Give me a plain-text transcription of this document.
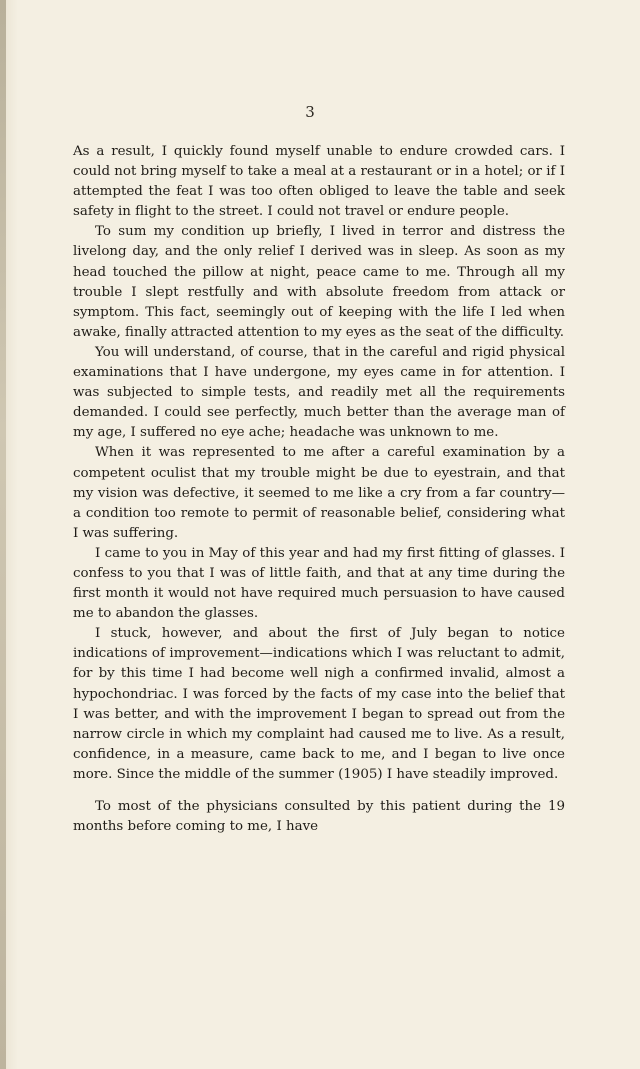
3

As a result, I quickly found myself unable to endure crowded cars. I could not bring myself to take a meal at a restaurant or in a hotel; or if I attempted the feat I was too often obliged to leave the table and seek safety in flight to the street. I could not travel or endure people.

To sum my condition up briefly, I lived in terror and distress the livelong day, and the only relief I derived was in sleep. As soon as my head touched the pillow at night, peace came to me. Through all my trouble I slept restfully and with absolute freedom from attack or symptom. This fact, seemingly out of keeping with the life I led when awake, finally attracted attention to my eyes as the seat of the difficulty.

You will understand, of course, that in the careful and rigid physical examinations that I have undergone, my eyes came in for attention. I was subjected to simple tests, and readily met all the requirements demanded. I could see perfectly, much better than the average man of my age, I suffered no eye ache; headache was unknown to me.

When it was represented to me after a careful examination by a competent oculist that my trouble might be due to eyestrain, and that my vision was defective, it seemed to me like a cry from a far country—a condition too remote to permit of reasonable belief, considering what I was suffering.

I came to you in May of this year and had my first fitting of glasses. I confess to you that I was of little faith, and that at any time during the first month it would not have required much persuasion to have caused me to abandon the glasses.

I stuck, however, and about the first of July began to notice indications of improvement—indications which I was reluctant to admit, for by this time I had become well nigh a confirmed invalid, almost a hypochondriac. I was forced by the facts of my case into the belief that I was better, and with the improvement I began to spread out from the narrow circle in which my complaint had caused me to live. As a result, confidence, in a measure, came back to me, and I began to live once more. Since the middle of the summer (1905) I have steadily improved.

To most of the physicians consulted by this patient during the 19 months before coming to me, I have
